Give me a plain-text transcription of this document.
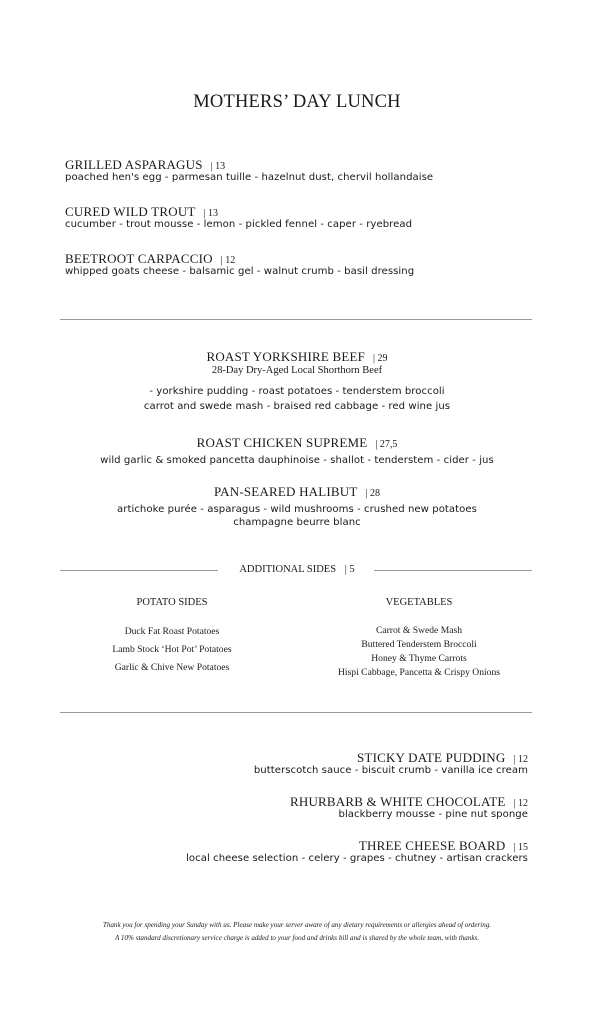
MOTHERS’ DAY LUNCH
GRILLED ASPARAGUS | 13
poached hen's egg - parmesan tuille - hazelnut dust, chervil hollandaise
CURED WILD TROUT | 13
cucumber - trout mousse - lemon - pickled fennel - caper - ryebread
BEETROOT CARPACCIO | 12
whipped goats cheese - balsamic gel - walnut crumb - basil dressing
ROAST YORKSHIRE BEEF | 29
28-Day Dry-Aged Local Shorthorn Beef
- yorkshire pudding - roast potatoes - tenderstem broccoli
carrot and swede mash - braised red cabbage - red wine jus
ROAST CHICKEN SUPREME | 27,5
wild garlic & smoked pancetta dauphinoise - shallot - tenderstem - cider - jus
PAN-SEARED HALIBUT | 28
artichoke purée - asparagus - wild mushrooms - crushed new potatoes
champagne beurre blanc
ADDITIONAL SIDES | 5
POTATO SIDES
Duck Fat Roast Potatoes
Lamb Stock ‘Hot Pot’ Potatoes
Garlic & Chive New Potatoes
VEGETABLES
Carrot & Swede Mash
Buttered Tenderstem Broccoli
Honey & Thyme Carrots
Hispi Cabbage, Pancetta & Crispy Onions
STICKY DATE PUDDING | 12
butterscotch sauce - biscuit crumb - vanilla ice cream
RHURBARB & WHITE CHOCOLATE | 12
blackberry mousse - pine nut sponge
THREE CHEESE BOARD | 15
local cheese selection - celery - grapes - chutney - artisan crackers
Thank you for spending your Sunday with us. Please make your server aware of any dietary requirements or allergies ahead of ordering.
A 10% standard discretionary service charge is added to your food and drinks bill and is shared by the whole team, with thanks.
